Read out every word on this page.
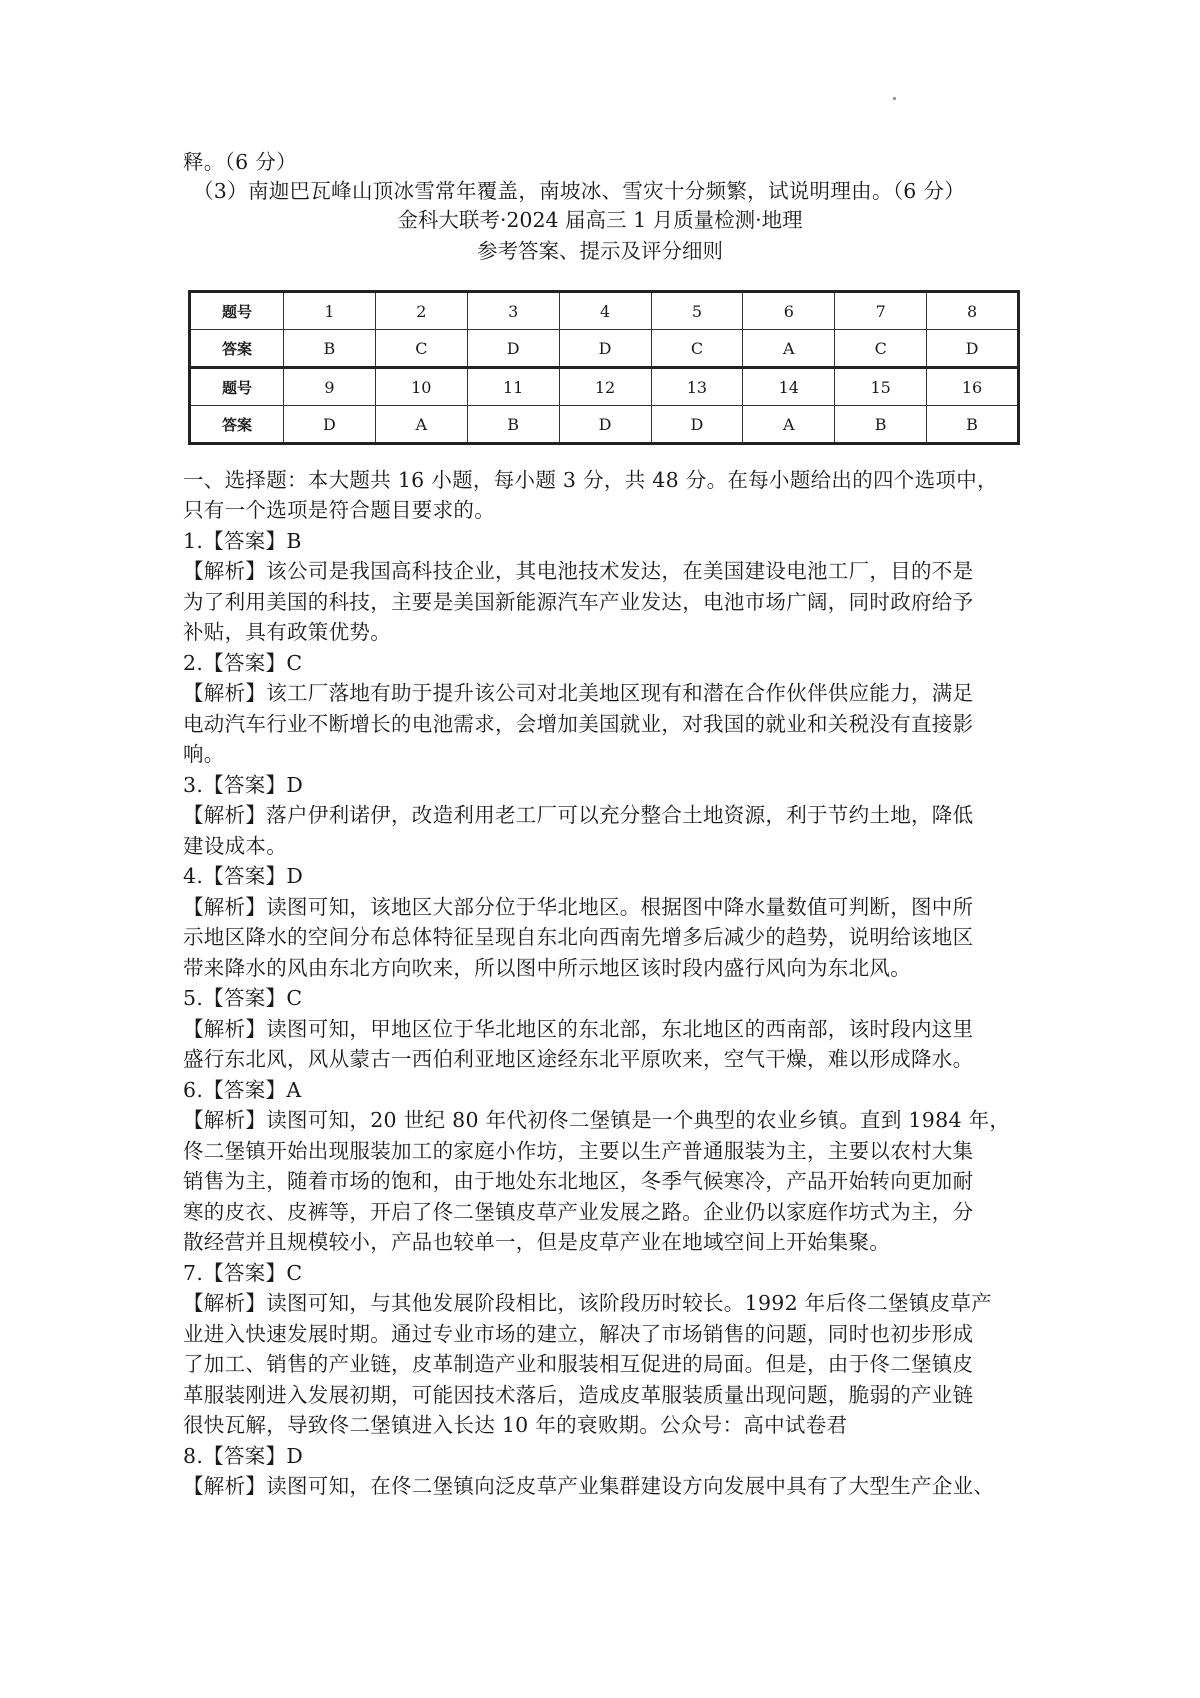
释。（6 分）
（3）南迦巴瓦峰山顶冰雪常年覆盖，南坡冰、雪灾十分频繁，试说明理由。（6 分）
金科大联考·2024 届高三 1 月质量检测·地理
参考答案、提示及评分细则
题号	1	2	3	4	5	6	7	8
答案	B	C	D	D	C	A	C	D
题号	9	10	11	12	13	14	15	16
答案	D	A	B	D	D	A	B	B
一、选择题：本大题共 16 小题，每小题 3 分，共 48 分。在每小题给出的四个选项中，
只有一个选项是符合题目要求的。
1.【答案】B
【解析】该公司是我国高科技企业，其电池技术发达，在美国建设电池工厂，目的不是
为了利用美国的科技，主要是美国新能源汽车产业发达，电池市场广阔，同时政府给予
补贴，具有政策优势。
2.【答案】C
【解析】该工厂落地有助于提升该公司对北美地区现有和潜在合作伙伴供应能力，满足
电动汽车行业不断增长的电池需求，会增加美国就业，对我国的就业和关税没有直接影
响。
3.【答案】D
【解析】落户伊利诺伊，改造利用老工厂可以充分整合土地资源，利于节约土地，降低
建设成本。
4.【答案】D
【解析】读图可知，该地区大部分位于华北地区。根据图中降水量数值可判断，图中所
示地区降水的空间分布总体特征呈现自东北向西南先增多后减少的趋势，说明给该地区
带来降水的风由东北方向吹来，所以图中所示地区该时段内盛行风向为东北风。
5.【答案】C
【解析】读图可知，甲地区位于华北地区的东北部，东北地区的西南部，该时段内这里
盛行东北风，风从蒙古一西伯利亚地区途经东北平原吹来，空气干燥，难以形成降水。
6.【答案】A
【解析】读图可知，20 世纪 80 年代初佟二堡镇是一个典型的农业乡镇。直到 1984 年，
佟二堡镇开始出现服装加工的家庭小作坊，主要以生产普通服装为主，主要以农村大集
销售为主，随着市场的饱和，由于地处东北地区，冬季气候寒冷，产品开始转向更加耐
寒的皮衣、皮裤等，开启了佟二堡镇皮草产业发展之路。企业仍以家庭作坊式为主，分
散经营并且规模较小，产品也较单一，但是皮草产业在地域空间上开始集聚。
7.【答案】C
【解析】读图可知，与其他发展阶段相比，该阶段历时较长。1992 年后佟二堡镇皮草产
业进入快速发展时期。通过专业市场的建立，解决了市场销售的问题，同时也初步形成
了加工、销售的产业链，皮革制造产业和服装相互促进的局面。但是，由于佟二堡镇皮
革服装刚进入发展初期，可能因技术落后，造成皮革服装质量出现问题，脆弱的产业链
很快瓦解，导致佟二堡镇进入长达 10 年的衰败期。公众号：高中试卷君
8.【答案】D
【解析】读图可知，在佟二堡镇向泛皮草产业集群建设方向发展中具有了大型生产企业、
